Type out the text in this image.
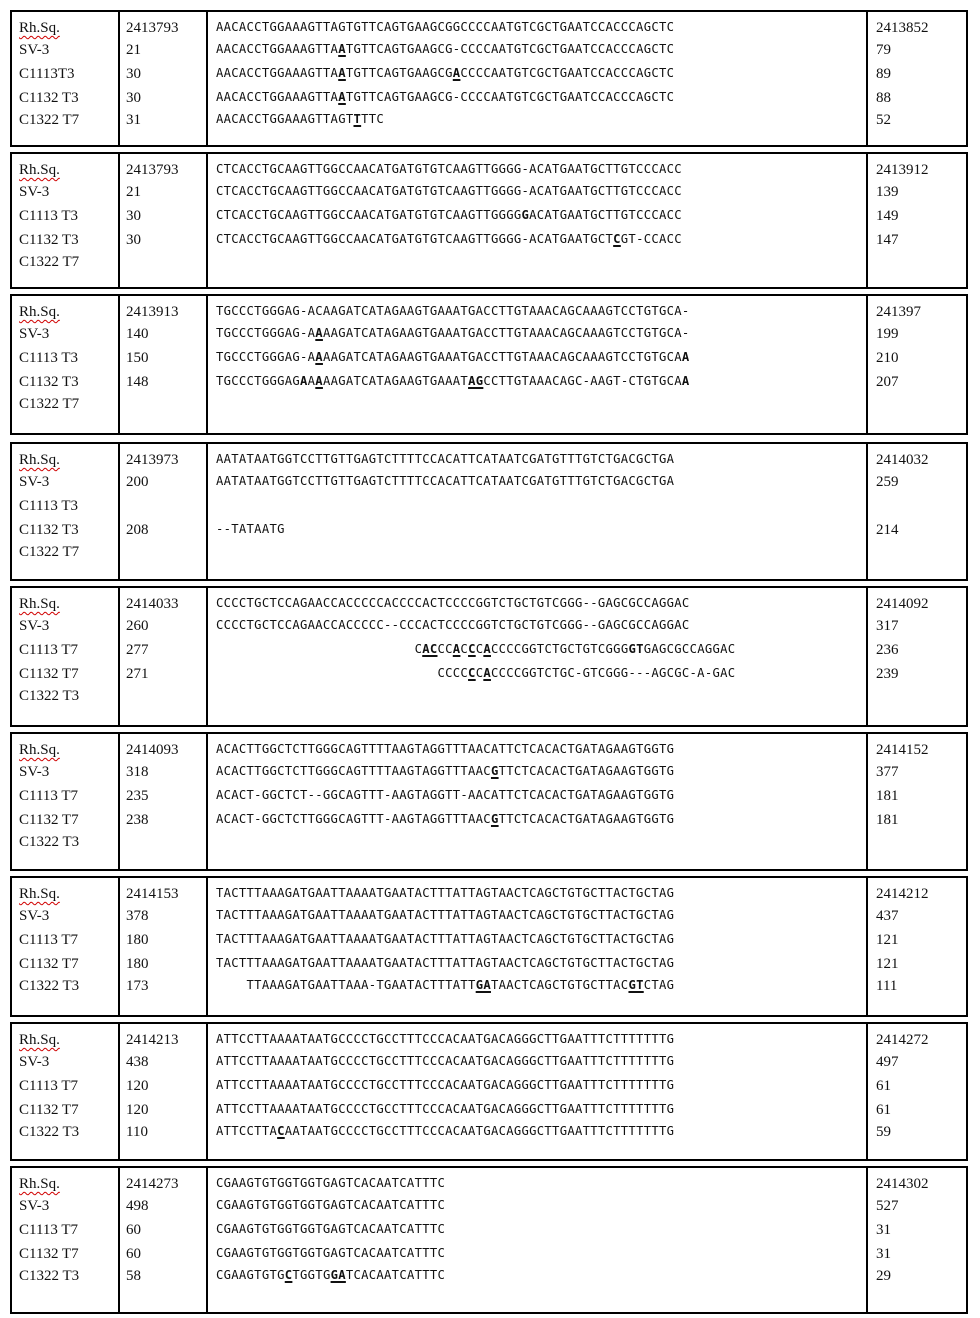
Rh.Sq.	2413793	AACACCTGGAAAGTTAGTGTTCAGTGAAGCGGCCCCAATGTCGCTGAATCCACCCAGCTC	2413852
SV-3	21	AACACCTGGAAAGTTAATGTTCAGTGAAGCG-CCCCAATGTCGCTGAATCCACCCAGCTC	79
C1113T3	30	AACACCTGGAAAGTTAATGTTCAGTGAAGCGACCCCAATGTCGCTGAATCCACCCAGCTC	89
C1132 T3	30	AACACCTGGAAAGTTAATGTTCAGTGAAGCG-CCCCAATGTCGCTGAATCCACCCAGCTC	88
C1322 T7	31	AACACCTGGAAAGTTAGTTTTC	52
Rh.Sq.	2413793	CTCACCTGCAAGTTGGCCAACATGATGTGTCAAGTTGGGG-ACATGAATGCTTGTCCCACC	2413912
SV-3	21	CTCACCTGCAAGTTGGCCAACATGATGTGTCAAGTTGGGG-ACATGAATGCTTGTCCCACC	139
C1113 T3	30	CTCACCTGCAAGTTGGCCAACATGATGTGTCAAGTTGGGGGACATGAATGCTTGTCCCACC	149
C1132 T3	30	CTCACCTGCAAGTTGGCCAACATGATGTGTCAAGTTGGGG-ACATGAATGCTCGT-CCACC	147
C1322 T7
Rh.Sq.	2413913	TGCCCTGGGAG-ACAAGATCATAGAAGTGAAATGACCTTGTAAACAGCAAAGTCCTGTGCA-	241397
SV-3	140	TGCCCTGGGAG-AAAAGATCATAGAAGTGAAATGACCTTGTAAACAGCAAAGTCCTGTGCA-	199
C1113 T3	150	TGCCCTGGGAG-AAAAGATCATAGAAGTGAAATGACCTTGTAAACAGCAAAGTCCTGTGCAA	210
C1132 T3	148	TGCCCTGGGAGAAAAAGATCATAGAAGTGAAATAGCCTTGTAAACAGC-AAGT-CTGTGCAA	207
C1322 T7
Rh.Sq.	2413973	AATATAATGGTCCTTGTTGAGTCTTTTCCACATTCATAATCGATGTTTGTCTGACGCTGA	2414032
SV-3	200	AATATAATGGTCCTTGTTGAGTCTTTTCCACATTCATAATCGATGTTTGTCTGACGCTGA	259
C1113 T3
C1132 T3	208	--TATAATG	214
C1322 T7
Rh.Sq.	2414033	CCCCTGCTCCAGAACCACCCCCACCCCACTCCCCGGTCTGCTGTCGGG--GAGCGCCAGGAC	2414092
SV-3	260	CCCCTGCTCCAGAACCACCCCC--CCCACTCCCCGGTCTGCTGTCGGG--GAGCGCCAGGAC	317
C1113 T7	277	CACCCACCCACCCCGGTCTGCTGTCGGGGTGAGCGCCAGGAC	236
C1132 T7	271	CCCCCCACCCCGGTCTGC-GTCGGG---AGCGC-A-GAC	239
C1322 T3
Rh.Sq.	2414093	ACACTTGGCTCTTGGGCAGTTTTAAGTAGGTTTAACATTCTCACACTGATAGAAGTGGTG	2414152
SV-3	318	ACACTTGGCTCTTGGGCAGTTTTAAGTAGGTTTAACGTTCTCACACTGATAGAAGTGGTG	377
C1113 T7	235	ACACT-GGCTCT--GGCAGTTT-AAGTAGGTT-AACATTCTCACACTGATAGAAGTGGTG	181
C1132 T7	238	ACACT-GGCTCTTGGGCAGTTT-AAGTAGGTTTAACGTTCTCACACTGATAGAAGTGGTG	181
C1322 T3
Rh.Sq.	2414153	TACTTTAAAGATGAATTAAAATGAATACTTTATTAGTAACTCAGCTGTGCTTACTGCTAG	2414212
SV-3	378	TACTTTAAAGATGAATTAAAATGAATACTTTATTAGTAACTCAGCTGTGCTTACTGCTAG	437
C1113 T7	180	TACTTTAAAGATGAATTAAAATGAATACTTTATTAGTAACTCAGCTGTGCTTACTGCTAG	121
C1132 T7	180	TACTTTAAAGATGAATTAAAATGAATACTTTATTAGTAACTCAGCTGTGCTTACTGCTAG	121
C1322 T3	173	TTAAAGATGAATTAAA-TGAATACTTTATTGATAACTCAGCTGTGCTTACGTCTAG	111
Rh.Sq.	2414213	ATTCCTTAAAATAATGCCCCTGCCTTTCCCACAATGACAGGGCTTGAATTTCTTTTTTTG	2414272
SV-3	438	ATTCCTTAAAATAATGCCCCTGCCTTTCCCACAATGACAGGGCTTGAATTTCTTTTTTTG	497
C1113 T7	120	ATTCCTTAAAATAATGCCCCTGCCTTTCCCACAATGACAGGGCTTGAATTTCTTTTTTTG	61
C1132 T7	120	ATTCCTTAAAATAATGCCCCTGCCTTTCCCACAATGACAGGGCTTGAATTTCTTTTTTTG	61
C1322 T3	110	ATTCCTTACAATAATGCCCCTGCCTTTCCCACAATGACAGGGCTTGAATTTCTTTTTTTG	59
Rh.Sq.	2414273	CGAAGTGTGGTGGTGAGTCACAATCATTTC	2414302
SV-3	498	CGAAGTGTGGTGGTGAGTCACAATCATTTC	527
C1113 T7	60	CGAAGTGTGGTGGTGAGTCACAATCATTTC	31
C1132 T7	60	CGAAGTGTGGTGGTGAGTCACAATCATTTC	31
C1322 T3	58	CGAAGTGTGCTGGTGGATCACAATCATTTC	29
